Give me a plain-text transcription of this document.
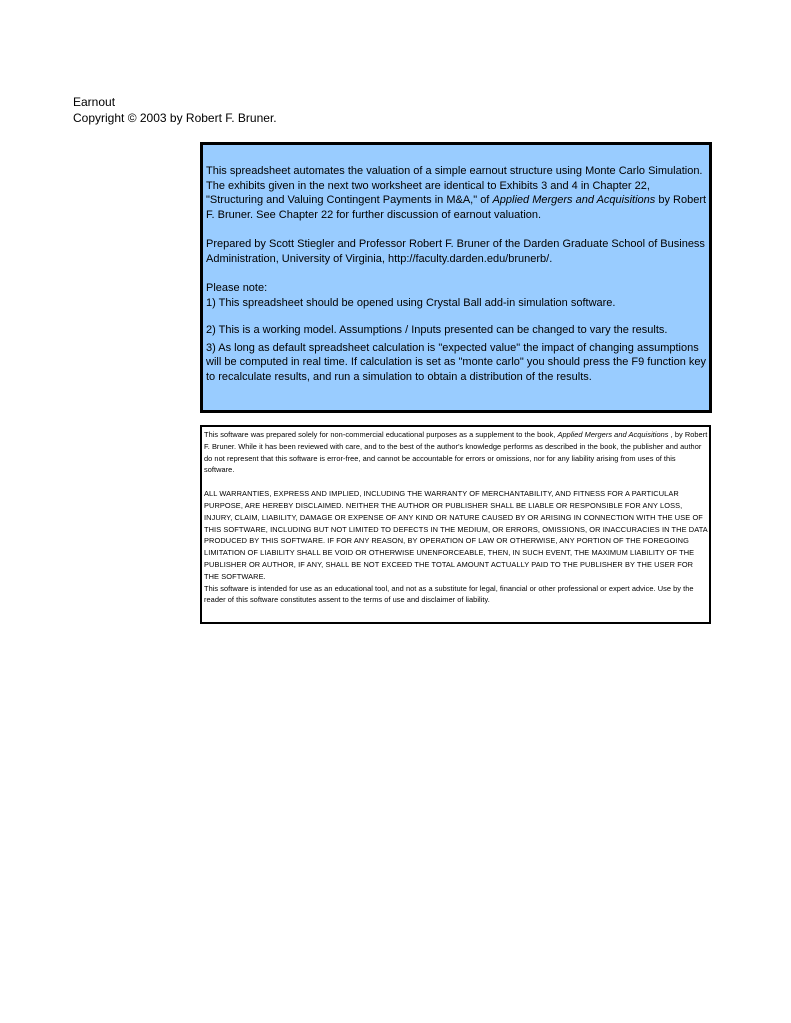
Earnout
Copyright © 2003 by Robert F. Bruner.

This spreadsheet automates the valuation of a simple earnout structure using Monte Carlo Simulation. The exhibits given in the next two worksheet are identical to Exhibits 3 and 4 in Chapter 22, "Structuring and Valuing Contingent Payments in M&A," of Applied Mergers and Acquisitions by Robert F. Bruner. See Chapter 22 for further discussion of earnout valuation.

Prepared by Scott Stiegler and Professor Robert F. Bruner of the Darden Graduate School of Business Administration, University of Virginia, http://faculty.darden.edu/brunerb/.

Please note:

1) This spreadsheet should be opened using Crystal Ball add-in simulation software.

2) This is a working model. Assumptions / Inputs presented can be changed to vary the results.

3) As long as default spreadsheet calculation is "expected value" the impact of changing assumptions will be computed in real time. If calculation is set as "monte carlo" you should press the F9 function key to recalculate results, and run a simulation to obtain a distribution of the results.

This software was prepared solely for non-commercial educational purposes as a supplement to the book, Applied Mergers and Acquisitions , by Robert F. Bruner. While it has been reviewed with care, and to the best of the author's knowledge performs as described in the book, the publisher and author do not represent that this software is error-free, and cannot be accountable for errors or omissions, nor for any liability arising from uses of this software.

ALL WARRANTIES, EXPRESS AND IMPLIED, INCLUDING THE WARRANTY OF MERCHANTABILITY, AND FITNESS FOR A PARTICULAR PURPOSE, ARE HEREBY DISCLAIMED. NEITHER THE AUTHOR OR PUBLISHER SHALL BE LIABLE OR RESPONSIBLE FOR ANY LOSS, INJURY, CLAIM, LIABILITY, DAMAGE OR EXPENSE OF ANY KIND OR NATURE CAUSED BY OR ARISING IN CONNECTION WITH THE USE OF THIS SOFTWARE, INCLUDING BUT NOT LIMITED TO DEFECTS IN THE MEDIUM, OR ERRORS, OMISSIONS, OR INACCURACIES IN THE DATA PRODUCED BY THIS SOFTWARE. IF FOR ANY REASON, BY OPERATION OF LAW OR OTHERWISE, ANY PORTION OF THE FOREGOING LIMITATION OF LIABILITY SHALL BE VOID OR OTHERWISE UNENFORCEABLE, THEN, IN SUCH EVENT, THE MAXIMUM LIABILITY OF THE PUBLISHER OR AUTHOR, IF ANY, SHALL BE NOT EXCEED THE TOTAL AMOUNT ACTUALLY PAID TO THE PUBLISHER BY THE USER FOR THE SOFTWARE.

This software is intended for use as an educational tool, and not as a substitute for legal, financial or other professional or expert advice. Use by the reader of this software constitutes assent to the terms of use and disclaimer of liability.
